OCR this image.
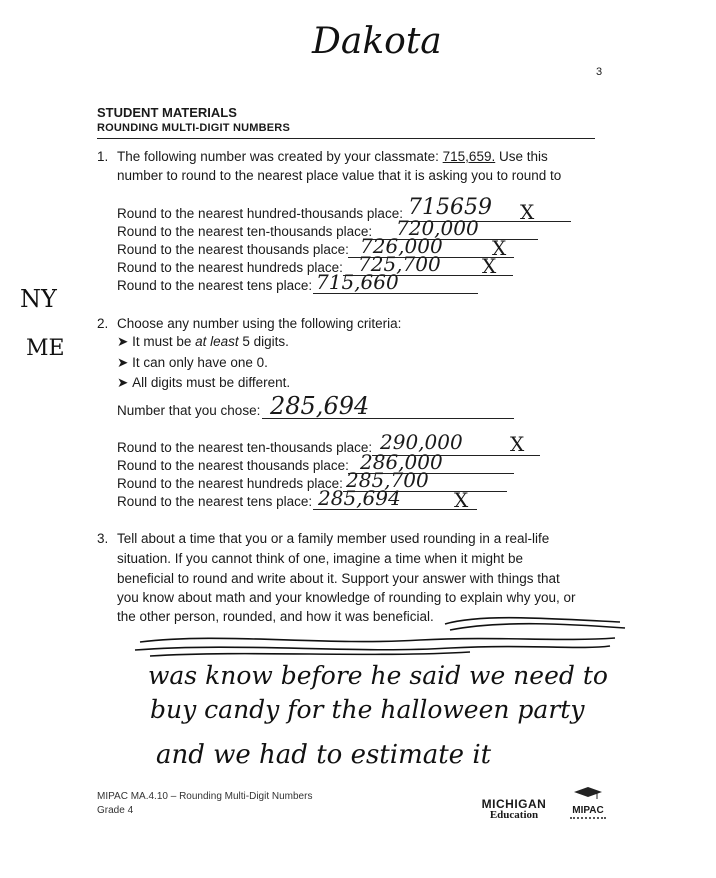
Dakota
3
STUDENT MATERIALS
ROUNDING MULTI-DIGIT NUMBERS
NY
ME
1. The following number was created by your classmate: 715,659. Use this
number to round to the nearest place value that it is asking you to round to
Round to the nearest hundred-thousands place: 715659 X
Round to the nearest ten-thousands place: 720,000
Round to the nearest thousands place: 726,000 X
Round to the nearest hundreds place: 725,700 X
Round to the nearest tens place: 715,660
2. Choose any number using the following criteria:
➤ It must be at least 5 digits.
➤ It can only have one 0.
➤ All digits must be different.
Number that you chose: 285,694
Round to the nearest ten-thousands place: 290,000 X
Round to the nearest thousands place: 286,000
Round to the nearest hundreds place: 285,700
Round to the nearest tens place: 285,694	X
3. Tell about a time that you or a family member used rounding in a real-life
situation. If you cannot think of one, imagine a time when it might be
beneficial to round and write about it. Support your answer with things that
you know about math and your knowledge of rounding to explain why you, or
the other person, rounded, and how it was beneficial.
was know before he said we need to
buy candy for the halloween party
and we had to estimate it
MIPAC MA.4.10 – Rounding Multi-Digit Numbers
Grade 4	MICHIGAN
Education	MIPAC
